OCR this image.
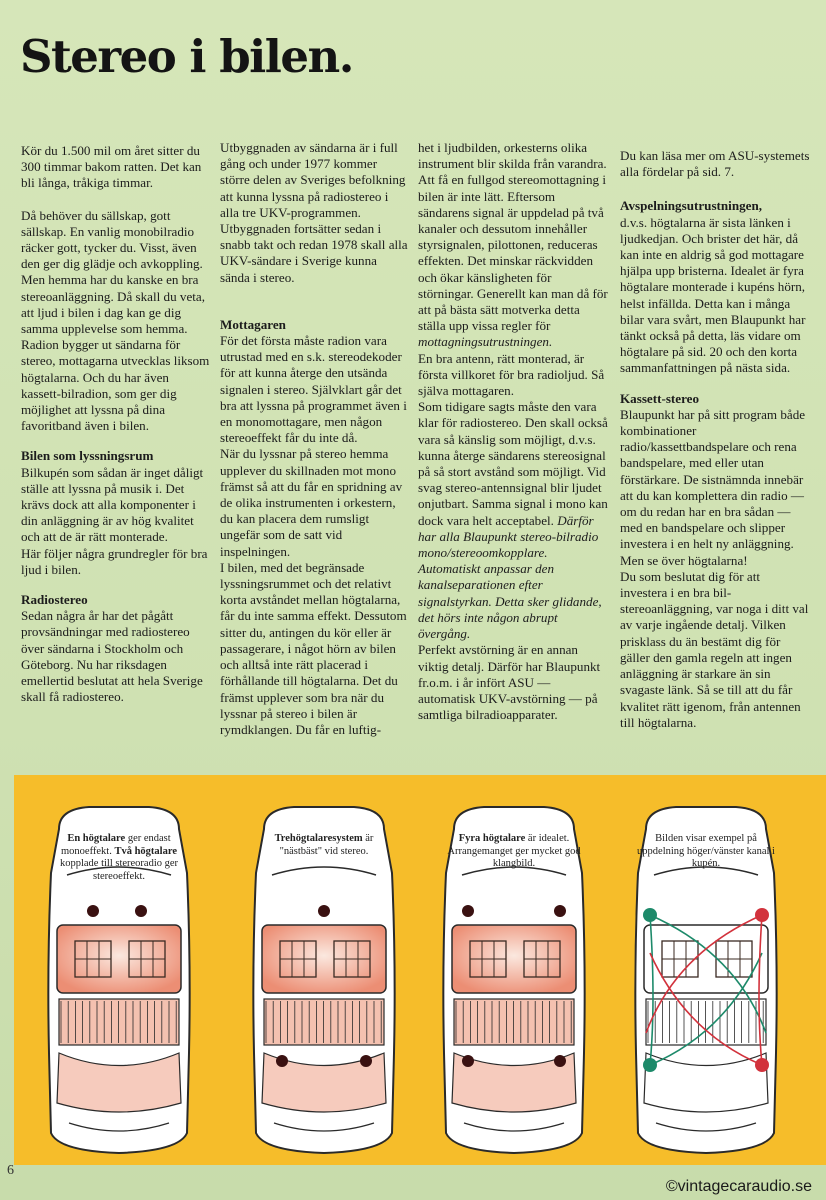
Stereo i bilen.

Kör du 1.500 mil om året sitter du 300 timmar bakom ratten. Det kan bli långa, tråkiga timmar.

Då behöver du sällskap, gott sällskap. En vanlig monobilradio räcker gott, tycker du. Visst, även den ger dig glädje och avkoppling.

Men hemma har du kanske en bra stereoanläggning. Då skall du veta, att ljud i bilen i dag kan ge dig samma upplevelse som hemma. Radion bygger ut sändarna för stereo, mottagarna utvecklas liksom högtalarna. Och du har även kassett-bilradion, som ger dig möjlighet att lyssna på dina favoritband även i bilen.

Bilen som lyssningsrum

Bilkupén som sådan är inget dåligt ställe att lyssna på musik i. Det krävs dock att alla komponenter i din anläggning är av hög kvalitet och att de är rätt monterade.

Här följer några grundregler för bra ljud i bilen.

Radiostereo

Sedan några år har det pågått provsändningar med radiostereo över sändarna i Stockholm och Göteborg. Nu har riksdagen emellertid beslutat att hela Sverige skall få radiostereo.

Utbyggnaden av sändarna är i full gång och under 1977 kommer större delen av Sveriges befolkning att kunna lyssna på radiostereo i alla tre UKV-programmen. Utbyggnaden fortsätter sedan i snabb takt och redan 1978 skall alla UKV-sändare i Sverige kunna sända i stereo.

Mottagaren

För det första måste radion vara utrustad med en s.k. stereodekoder för att kunna återge den utsända signalen i stereo. Självklart går det bra att lyssna på programmet även i en monomottagare, men någon stereoeffekt får du inte då.

När du lyssnar på stereo hemma upplever du skillnaden mot mono främst så att du får en spridning av de olika instrumenten i orkestern, du kan placera dem rumsligt ungefär som de satt vid inspelningen.

I bilen, med det begränsade lyssningsrummet och det relativt korta avståndet mellan högtalarna, får du inte samma effekt. Dessutom sitter du, antingen du kör eller är passagerare, i något hörn av bilen och alltså inte rätt placerad i förhållande till högtalarna. Det du främst upplever som bra när du lyssnar på stereo i bilen är rymdklangen. Du får en luftig-

het i ljudbilden, orkesterns olika instrument blir skilda från varandra.

Att få en fullgod stereomottagning i bilen är inte lätt. Eftersom sändarens signal är uppdelad på två kanaler och dessutom innehåller styrsignalen, pilottonen, reduceras effekten. Det minskar räckvidden och ökar känsligheten för störningar. Generellt kan man då för att på bästa sätt motverka detta ställa upp vissa regler för mottagningsutrustningen.

En bra antenn, rätt monterad, är första villkoret för bra radioljud. Så själva mottagaren.

Som tidigare sagts måste den vara klar för radiostereo. Den skall också vara så känslig som möjligt, d.v.s. kunna återge sändarens stereosignal på så stort avstånd som möjligt. Vid svag stereo-antennsignal blir ljudet onjutbart. Samma signal i mono kan dock vara helt acceptabel. Därför har alla Blaupunkt stereo-bilradio mono/stereoomkopplare. Automatiskt anpassar den kanalseparationen efter signalstyrkan. Detta sker glidande, det hörs inte någon abrupt övergång.

Perfekt avstörning är en annan viktig detalj. Därför har Blaupunkt fr.o.m. i år infört ASU — automatisk UKV-avstörning — på samtliga bilradioapparater.

Du kan läsa mer om ASU-systemets alla fördelar på sid. 7.

Avspelningsutrustningen,

d.v.s. högtalarna är sista länken i ljudkedjan. Och brister det här, då kan inte en aldrig så god mottagare hjälpa upp bristerna. Idealet är fyra högtalare monterade i kupéns hörn, helst infällda. Detta kan i många bilar vara svårt, men Blaupunkt har tänkt också på detta, läs vidare om högtalare på sid. 20 och den korta sammanfattningen på nästa sida.

Kassett-stereo

Blaupunkt har på sitt program både kombinationer radio/kassettbandspelare och rena bandspelare, med eller utan förstärkare. De sistnämnda innebär att du kan komplettera din radio — om du redan har en bra sådan — med en bandspelare och slipper investera i en helt ny anläggning. Men se över högtalarna!

Du som beslutat dig för att investera i en bra bil-stereoanläggning, var noga i ditt val av varje ingående detalj. Vilken prisklass du än bestämt dig för gäller den gamla regeln att ingen anläggning är starkare än sin svagaste länk. Så se till att du får kvalitet rätt igenom, från antennen till högtalarna.

En högtalare ger endast monoeffekt. Två högtalare kopplade till stereoradio ger stereoeffekt.
Trehögtalaresystem är "nästbäst" vid stereo.
Fyra högtalare är idealet. Arrangemanget ger mycket god klangbild.
Bilden visar exempel på uppdelning höger/vänster kanal i kupén.
6
©vintagecaraudio.se
